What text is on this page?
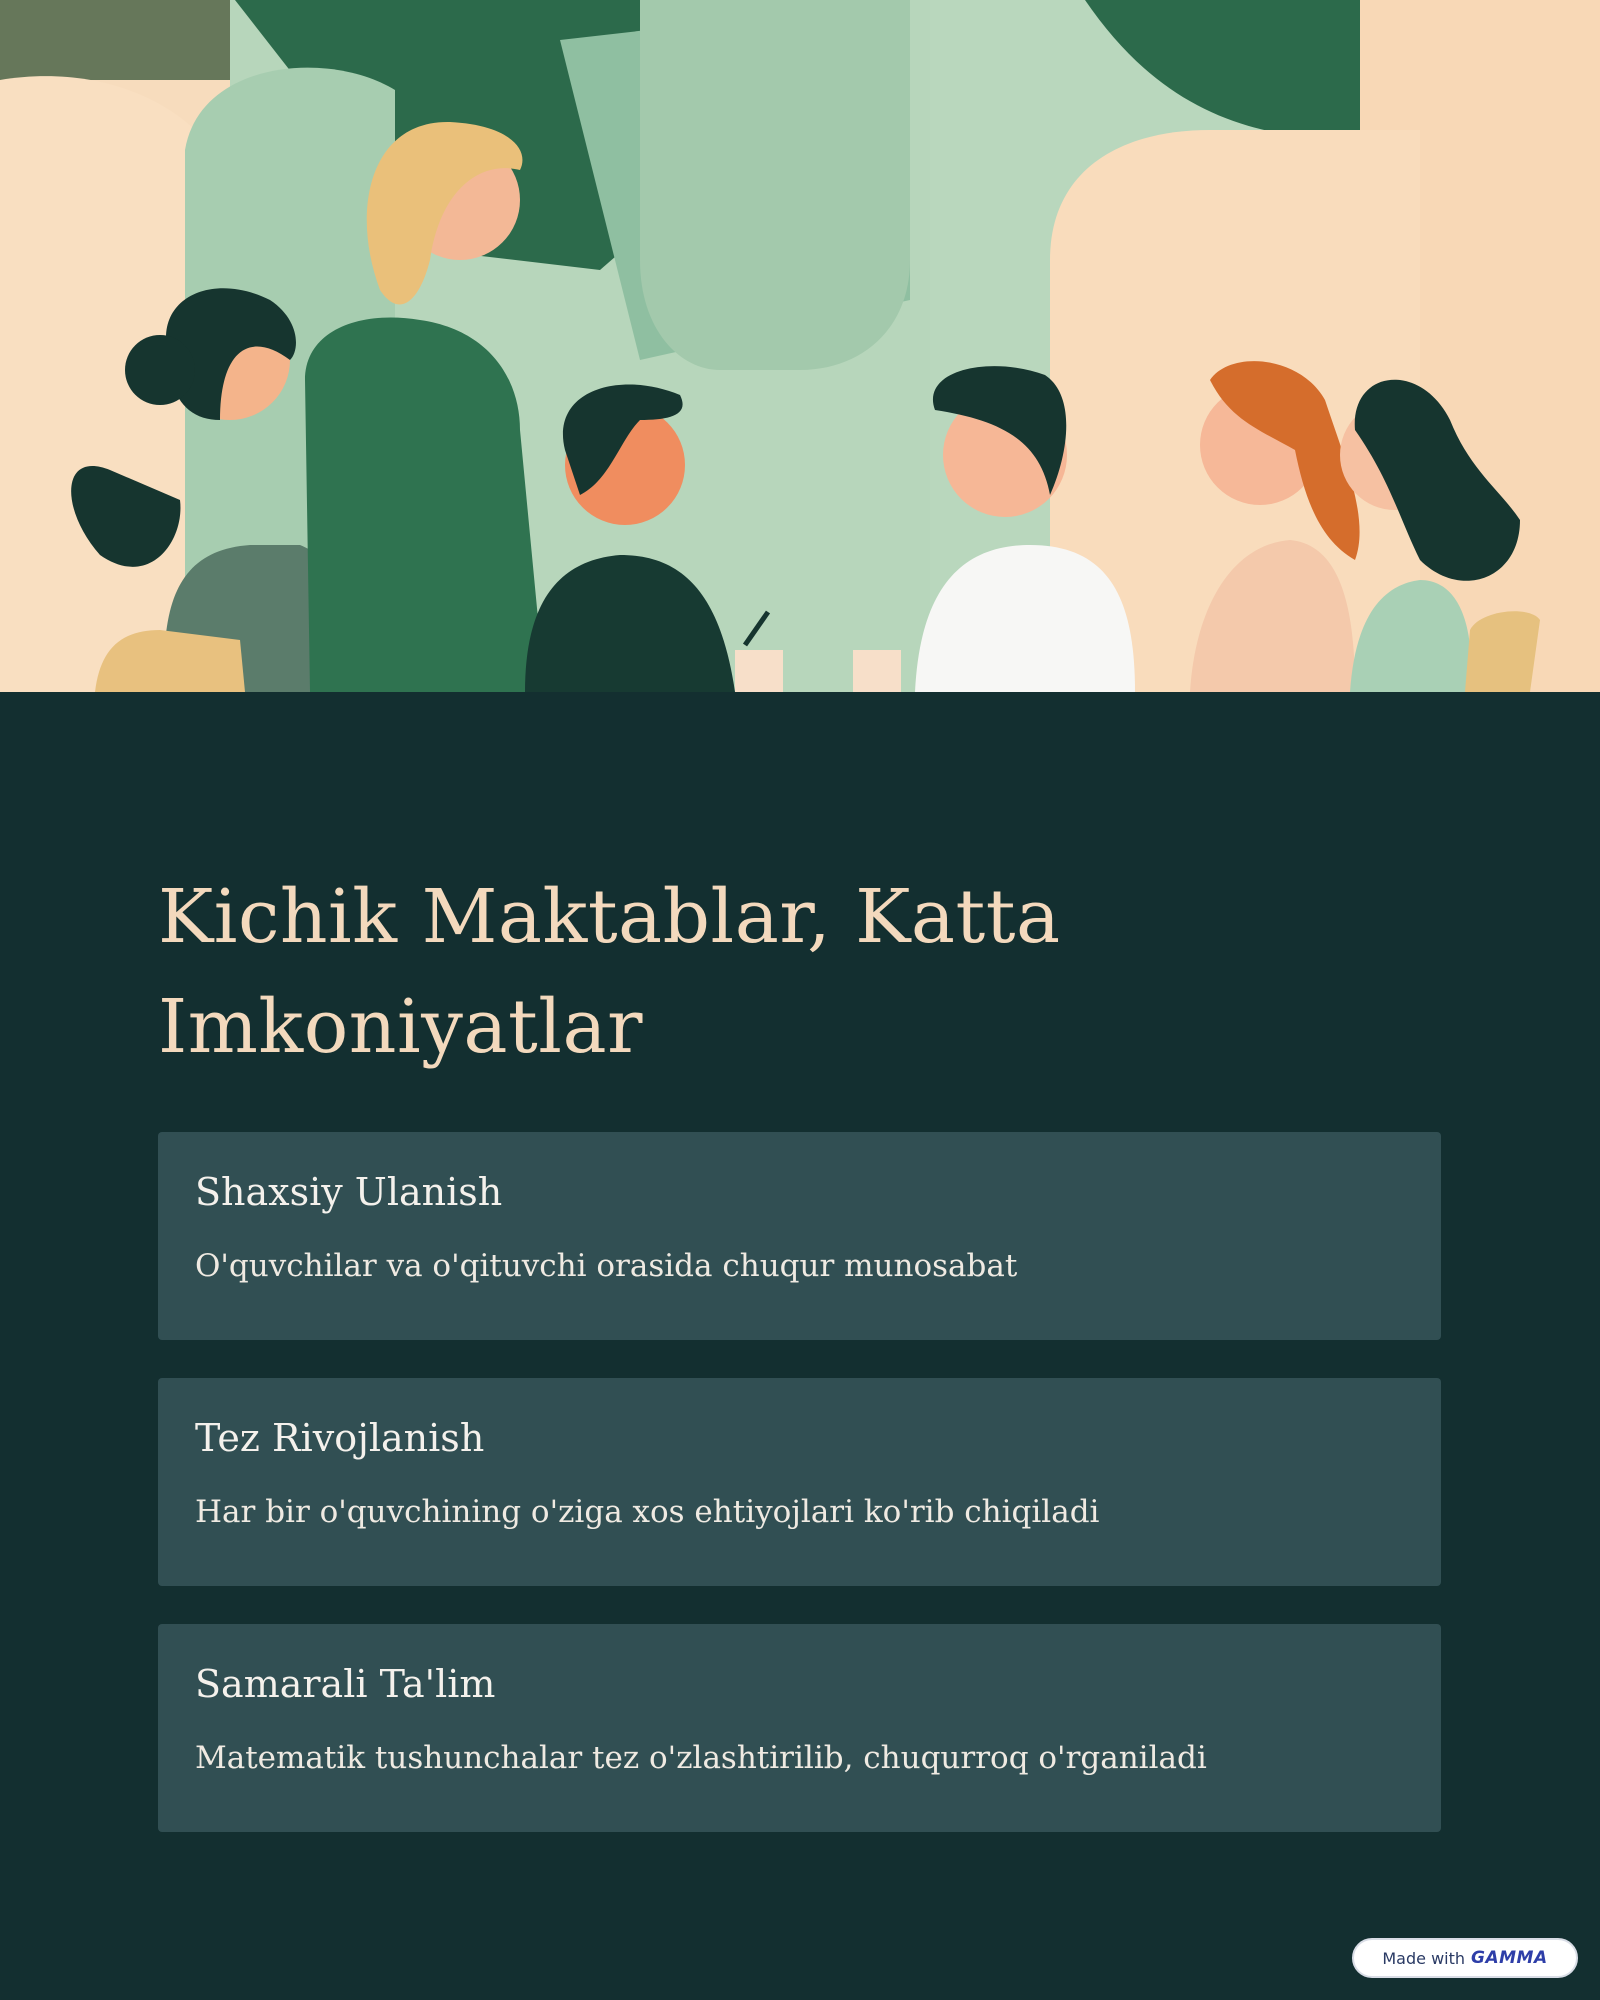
Kichik Maktablar, Katta Imkoniyatlar

Shaxsiy Ulanish

O'quvchilar va o'qituvchi orasida chuqur munosabat

Tez Rivojlanish

Har bir o'quvchining o'ziga xos ehtiyojlari ko'rib chiqiladi

Samarali Ta'lim

Matematik tushunchalar tez o'zlashtirilib, chuqurroq o'rganiladi

Made with GAMMA
